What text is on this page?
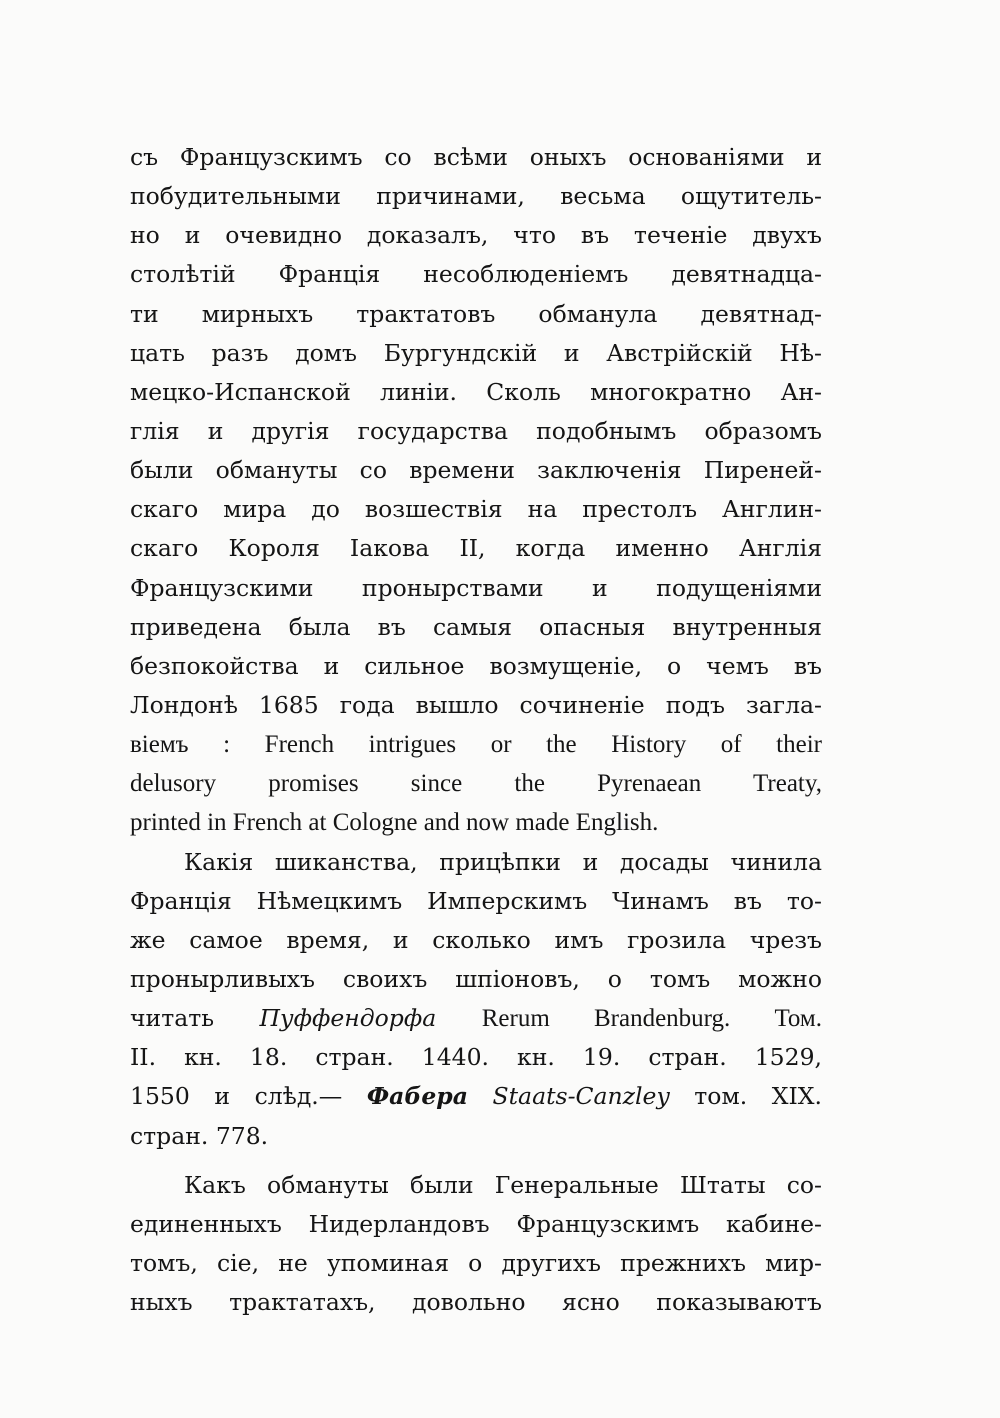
съ Французскимъ со всѣми оныхъ основаніями и
побудительными причинами, весьма ощутитель-
но и очевидно доказалъ, что въ теченіе двухъ
столѣтій Франція несоблюденіемъ девятнадца-
ти мирныхъ трактатовъ обманула девятнад-
цать разъ домъ Бургундскій и Австрійскій Нѣ-
мецко-Испанской линіи. Сколь многократно Ан-
глія и другія государства подобнымъ образомъ
были обмануты со времени заключенія Пиреней-
скаго мира до возшествія на престолъ Англин-
скаго Короля Іакова II, когда именно Англія
Французскими пронырствами и подущеніями
приведена была въ самыя опасныя внутренныя
безпокойства и сильное возмущеніе, о чемъ въ
Лондонѣ 1685 года вышло сочиненіе подъ загла-
віемъ : French intrigues or the History of their
delusory promises since the Pyrenaean Treaty,
printed in French at Cologne and now made English.
Какія шиканства, прицѣпки и досады чинила
Франція Нѣмецкимъ Имперскимъ Чинамъ въ то-
же самое время, и сколько имъ грозила чрезъ
пронырливыхъ своихъ шпіоновъ, о томъ можно
читать Пуффендорфа Rerum Brandenburg. Том.
II. кн. 18. стран. 1440. кн. 19. стран. 1529,
1550 и слѣд.— Фабера Staats-Canzley том. XIX.
стран. 778.
Какъ обмануты были Генеральные Штаты со-
единенныхъ Нидерландовъ Французскимъ кабине-
томъ, сіе, не упоминая о другихъ прежнихъ мир-
ныхъ трактатахъ, довольно ясно показываютъ
